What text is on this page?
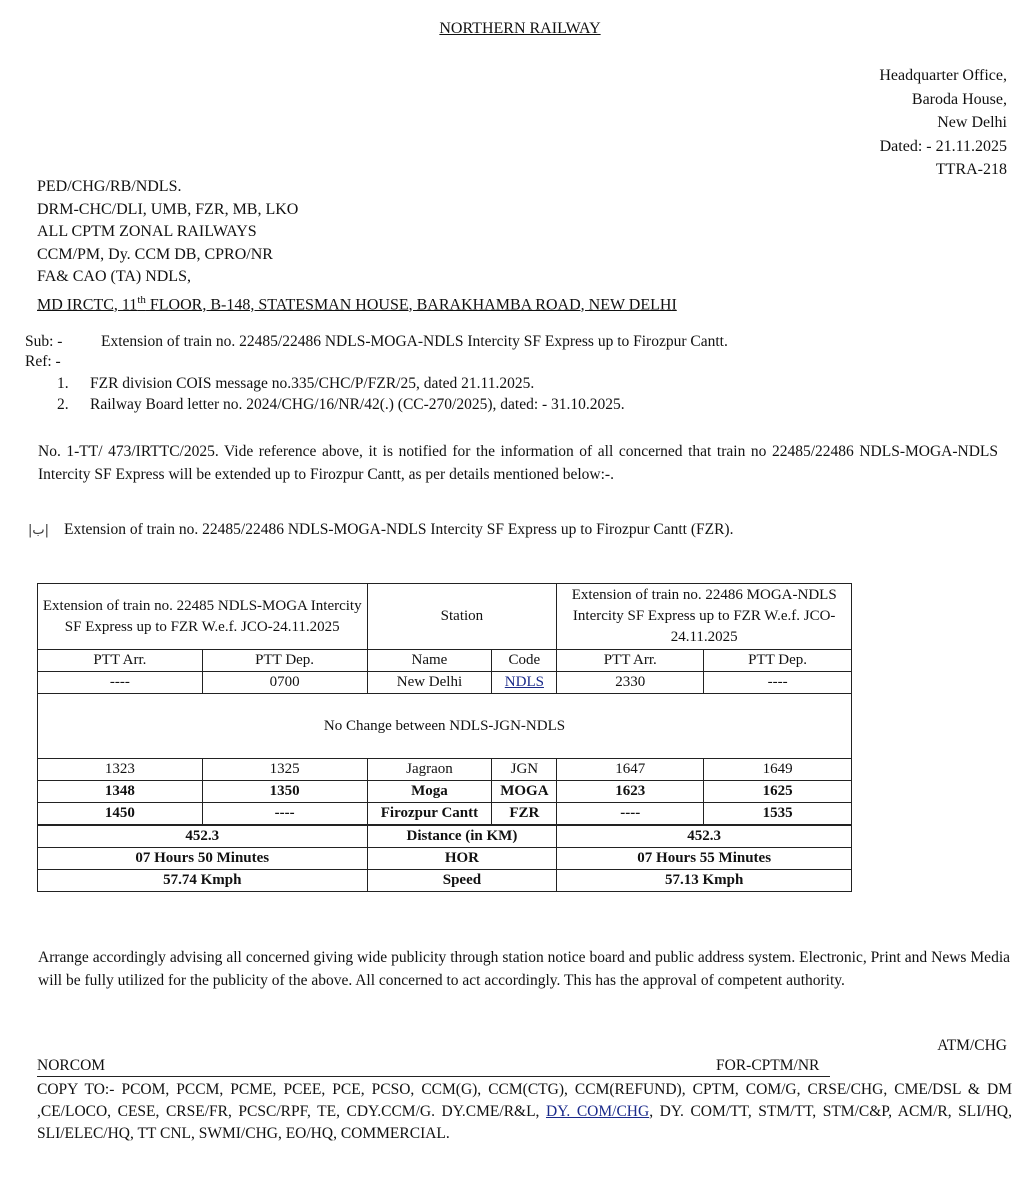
NORTHERN RAILWAY
Headquarter Office,
Baroda House,
New Delhi
Dated: - 21.11.2025
TTRA-218
PED/CHG/RB/NDLS.
DRM-CHC/DLI, UMB, FZR, MB, LKO
ALL CPTM ZONAL RAILWAYS
CCM/PM, Dy. CCM DB, CPRO/NR
FA& CAO (TA) NDLS,
MD IRCTC, 11th FLOOR, B-148, STATESMAN HOUSE, BARAKHAMBA ROAD, NEW DELHI
Sub: - Extension of train no. 22485/22486 NDLS-MOGA-NDLS Intercity SF Express up to Firozpur Cantt.
Ref: -
1. FZR division COIS message no.335/CHC/P/FZR/25, dated 21.11.2025.
2. Railway Board letter no. 2024/CHG/16/NR/42(.) (CC-270/2025), dated: - 31.10.2025.
No. 1-TT/ 473/IRTTC/2025. Vide reference above, it is notified for the information of all concerned that train no 22485/22486 NDLS-MOGA-NDLS Intercity SF Express will be extended up to Firozpur Cantt, as per details mentioned below:-.
|ب| Extension of train no. 22485/22486 NDLS-MOGA-NDLS Intercity SF Express up to Firozpur Cantt (FZR).
Extension of train no. 22485 NDLS-MOGA Intercity SF Express up to FZR W.e.f. JCO-24.11.2025		Station		Extension of train no. 22486 MOGA-NDLS Intercity SF Express up to FZR W.e.f. JCO-24.11.2025	
PTT Arr.	PTT Dep.	Name	Code	PTT Arr.	PTT Dep.
----	0700	New Delhi	NDLS	2330	----
No Change between NDLS-JGN-NDLS					
1323	1325	Jagraon	JGN	1647	1649
1348	1350	Moga	MOGA	1623	1625
1450	----	Firozpur Cantt	FZR	----	1535
452.3		Distance (in KM)		452.3	
07 Hours 50 Minutes		HOR		07 Hours 55 Minutes	
57.74 Kmph		Speed		57.13 Kmph	
Arrange accordingly advising all concerned giving wide publicity through station notice board and public address system. Electronic, Print and News Media will be fully utilized for the publicity of the above. All concerned to act accordingly. This has the approval of competent authority.
ATM/CHG
NORCOM	FOR-CPTM/NR
COPY TO:- PCOM, PCCM, PCME, PCEE, PCE, PCSO, CCM(G), CCM(CTG), CCM(REFUND), CPTM, COM/G, CRSE/CHG, CME/DSL & DM ,CE/LOCO, CESE, CRSE/FR, PCSC/RPF, TE, CDY.CCM/G. DY.CME/R&L, DY. COM/CHG, DY. COM/TT, STM/TT, STM/C&P, ACM/R, SLI/HQ, SLI/ELEC/HQ, TT CNL, SWMI/CHG, EO/HQ, COMMERCIAL.
